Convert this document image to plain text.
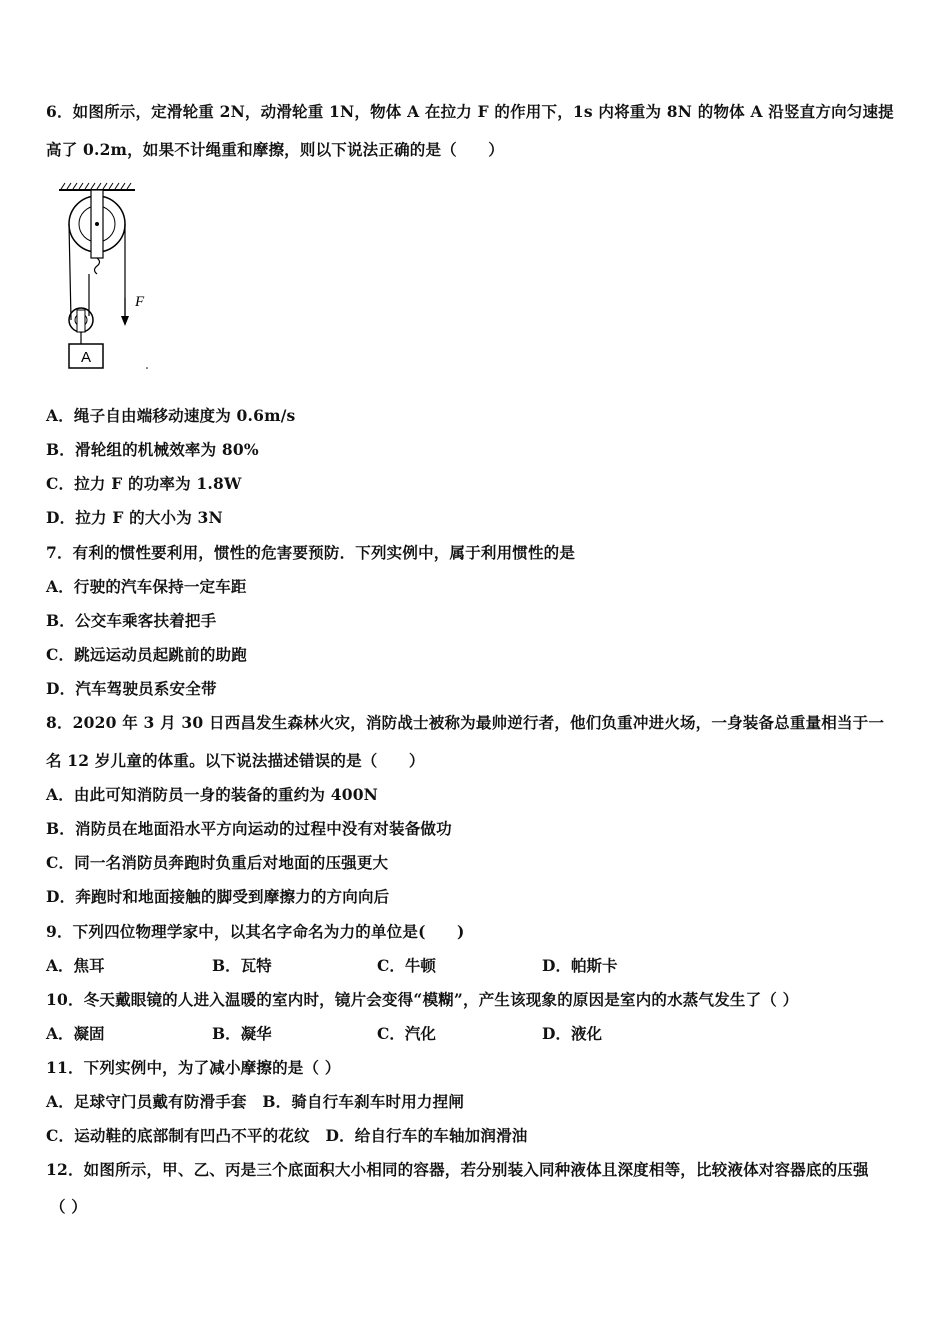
6．如图所示，定滑轮重 2N，动滑轮重 1N，物体 A 在拉力 F 的作用下，1s 内将重为 8N 的物体 A 沿竖直方向匀速提
高了 0.2m，如果不计绳重和摩擦，则以下说法正确的是（　　）
F
A
A．绳子自由端移动速度为 0.6m/s
B．滑轮组的机械效率为 80%
C．拉力 F 的功率为 1.8W
D．拉力 F 的大小为 3N
7．有利的惯性要利用，惯性的危害要预防．下列实例中，属于利用惯性的是
A．行驶的汽车保持一定车距
B．公交车乘客扶着把手
C．跳远运动员起跳前的助跑
D．汽车驾驶员系安全带
8．2020 年 3 月 30 日西昌发生森林火灾，消防战士被称为最帅逆行者，他们负重冲进火场，一身装备总重量相当于一
名 12 岁儿童的体重。以下说法描述错误的是（　　）
A．由此可知消防员一身的装备的重约为 400N
B．消防员在地面沿水平方向运动的过程中没有对装备做功
C．同一名消防员奔跑时负重后对地面的压强更大
D．奔跑时和地面接触的脚受到摩擦力的方向向后
9．下列四位物理学家中，以其名字命名为力的单位是(　　)
A．焦耳	B．瓦特	C．牛顿	D．帕斯卡
10．冬天戴眼镜的人进入温暖的室内时，镜片会变得“模糊”，产生该现象的原因是室内的水蒸气发生了（ ）
A．凝固	B．凝华	C．汽化	D．液化
11．下列实例中，为了减小摩擦的是（ ）
A．足球守门员戴有防滑手套　B．骑自行车刹车时用力捏闸
C．运动鞋的底部制有凹凸不平的花纹　D．给自行车的车轴加润滑油
12．如图所示，甲、乙、丙是三个底面积大小相同的容器，若分别装入同种液体且深度相等，比较液体对容器底的压强
（ ）
